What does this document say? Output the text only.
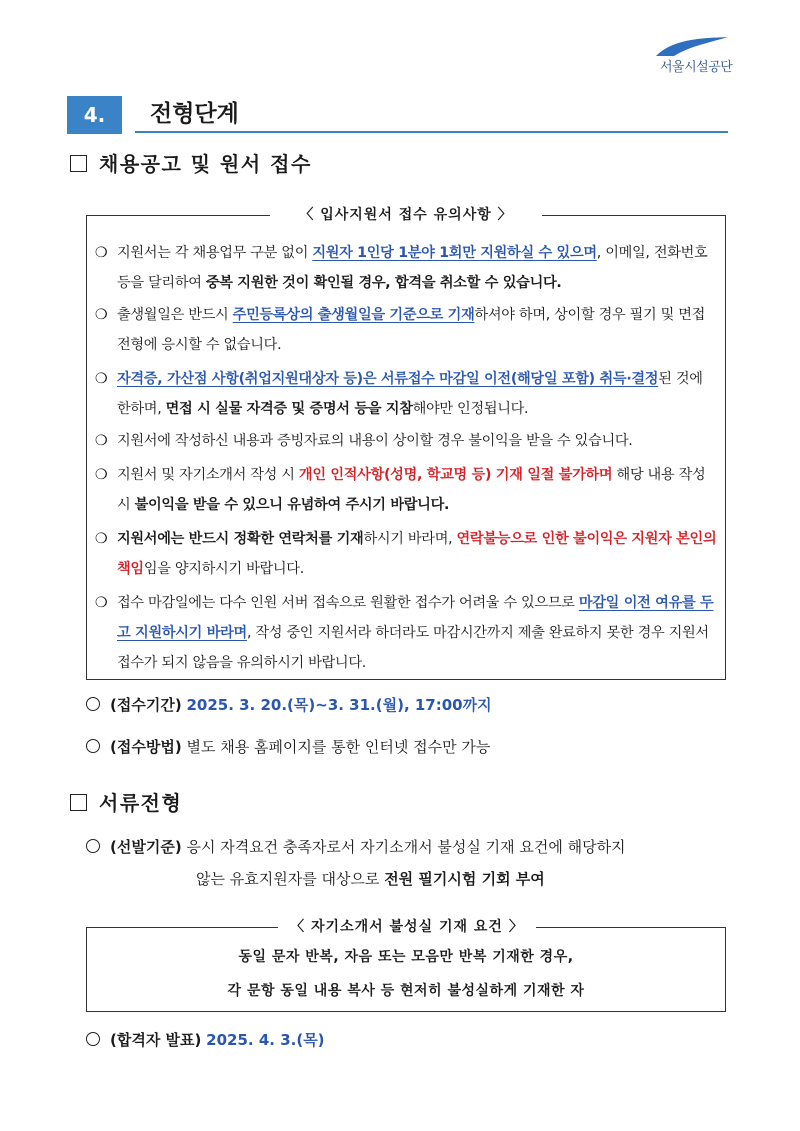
서울시설공단
4.	전형단계
채용공고 및 원서 접수
❍ 지원서는 각 채용업무 구분 없이 지원자 1인당 1분야 1회만 지원하실 수 있으며, 이메일, 전화번호 등을 달리하여 중복 지원한 것이 확인될 경우, 합격을 취소할 수 있습니다.
❍ 출생월일은 반드시 주민등록상의 출생월일을 기준으로 기재하셔야 하며, 상이할 경우 필기 및 면접전형에 응시할 수 없습니다.
❍ 자격증, 가산점 사항(취업지원대상자 등)은 서류접수 마감일 이전(해당일 포함) 취득·결정된 것에 한하며, 면접 시 실물 자격증 및 증명서 등을 지참해야만 인정됩니다.
❍ 지원서에 작성하신 내용과 증빙자료의 내용이 상이할 경우 불이익을 받을 수 있습니다.
❍ 지원서 및 자기소개서 작성 시 개인 인적사항(성명, 학교명 등) 기재 일절 불가하며 해당 내용 작성 시 불이익을 받을 수 있으니 유념하여 주시기 바랍니다.
❍ 지원서에는 반드시 정확한 연락처를 기재하시기 바라며, 연락불능으로 인한 불이익은 지원자 본인의 책임임을 양지하시기 바랍니다.
❍ 접수 마감일에는 다수 인원 서버 접속으로 원활한 접수가 어려울 수 있으므로 마감일 이전 여유를 두고 지원하시기 바라며, 작성 중인 지원서라 하더라도 마감시간까지 제출 완료하지 못한 경우 지원서 접수가 되지 않음을 유의하시기 바랍니다.
〈 입사지원서 접수 유의사항 〉
(접수기간) 2025. 3. 20.(목)~3. 31.(월), 17:00까지
(접수방법) 별도 채용 홈페이지를 통한 인터넷 접수만 가능
서류전형
(선발기준) 응시 자격요건 충족자로서 자기소개서 불성실 기재 요건에 해당하지
않는 유효지원자를 대상으로 전원 필기시험 기회 부여
동일 문자 반복, 자음 또는 모음만 반복 기재한 경우,
각 문항 동일 내용 복사 등 현저히 불성실하게 기재한 자
〈 자기소개서 불성실 기재 요건 〉
(합격자 발표) 2025. 4. 3.(목)
